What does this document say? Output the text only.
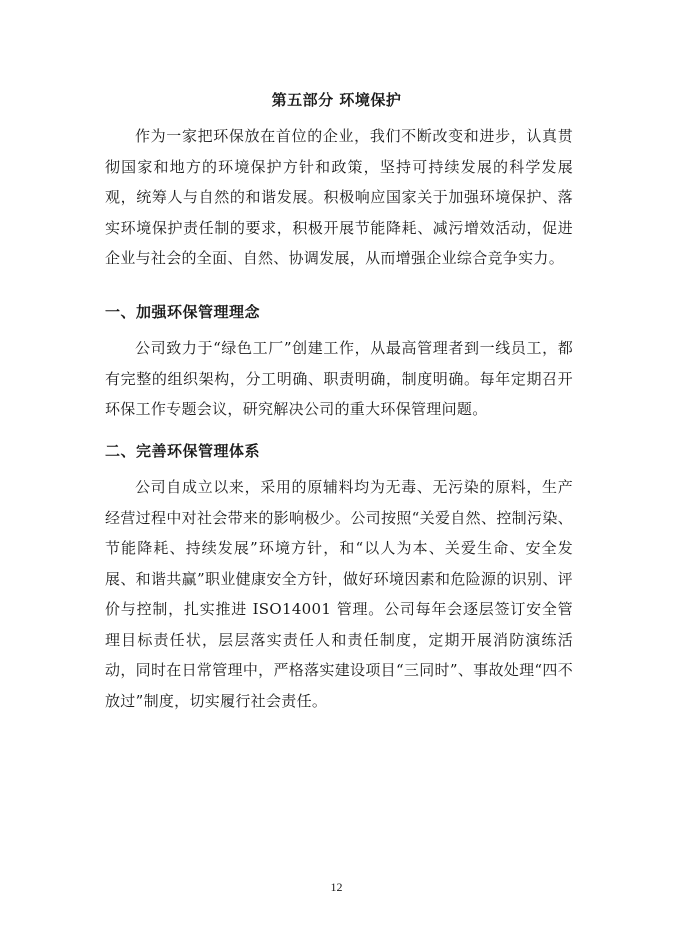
第五部分 环境保护
作为一家把环保放在首位的企业，我们不断改变和进步，认真贯彻国家和地方的环境保护方针和政策，坚持可持续发展的科学发展观，统筹人与自然的和谐发展。积极响应国家关于加强环境保护、落实环境保护责任制的要求，积极开展节能降耗、减污增效活动，促进企业与社会的全面、自然、协调发展，从而增强企业综合竞争实力。
一、加强环保管理理念
公司致力于“绿色工厂”创建工作，从最高管理者到一线员工，都有完整的组织架构，分工明确、职责明确，制度明确。每年定期召开环保工作专题会议，研究解决公司的重大环保管理问题。
二、完善环保管理体系
公司自成立以来，采用的原辅料均为无毒、无污染的原料，生产经营过程中对社会带来的影响极少。公司按照“关爱自然、控制污染、节能降耗、持续发展”环境方针，和“以人为本、关爱生命、安全发展、和谐共赢”职业健康安全方针，做好环境因素和危险源的识别、评价与控制，扎实推进 ISO14001 管理。公司每年会逐层签订安全管理目标责任状，层层落实责任人和责任制度，定期开展消防演练活动，同时在日常管理中，严格落实建设项目“三同时”、事故处理“四不放过”制度，切实履行社会责任。
12
